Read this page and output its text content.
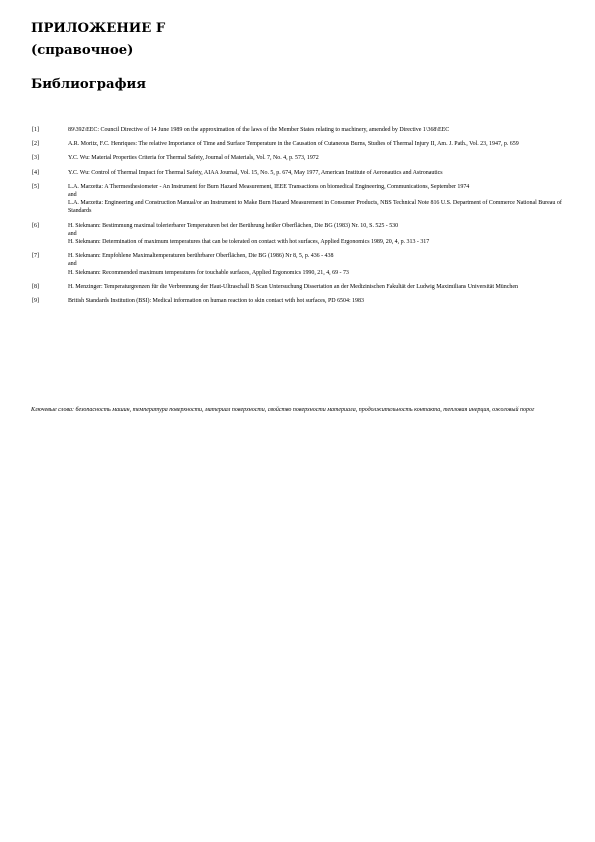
ПРИЛОЖЕНИЕ F
(справочное)
Библиография
[1]	89\392\EEC: Council Directive of 14 June 1989 on the approximation of the laws of the Member States relating to machinery, amended by Directive 1\368\EEC
[2]	A.R. Moritz, F.C. Henriques: The relative Importance of Time and Surface Temperature in the Causation of Cutaneous Burns, Studies of Thermal Injury II, Am. J. Path., Vol. 23, 1947, p. 659
[3]	Y.C. Wu: Material Properties Criteria for Thermal Safety, Journal of Materials, Vol. 7, No. 4, p. 573, 1972
[4]	Y.C. Wu: Control of Thermal Impact for Thermal Safety, AIAA Journal, Vol. 15, No. 5, p. 674, May 1977, American Institute of Aeronautics and Astronautics
[5]	L.A. Marzetta: A Thermesthesiometer - An Instrument for Burn Hazard Measurement, IEEE Transactions on biomedical Engineering, Communications, September 1974
and
L.A. Marzetta: Engineering and Construction Manual/or an Instrument to Make Burn Hazard Measurement in Consumer Products, NBS Technical Note 816 U.S. Department of Commerce National Bureau of Standards
[6]	H. Siekmann: Bestimmung maximal tolerierbarer Temperaturen bei der Berührung heißer Oberflächen, Die BG (1983) Nr. 10, S. 525 - 530
and
H. Siekmann: Determination of maximum temperatures that can be tolerated on contact with hot surfaces, Applied Ergonomics 1989, 20, 4, p. 313 - 317
[7]	H. Siekmann: Empfohlene Maximaltemperaturen berührbarer Oberflächen, Die BG (1986) Nr 8, 5, p. 436 - 438
and
H. Siekmann: Recommended maximum temperatures for touchable surfaces, Applied Ergonomics 1990, 21, 4, 69 - 73
[8]	H. Menzinger: Temperaturgrenzen für die Verbrennung der Haut-Ultraschall B Scan Untersuchung Dissertation an der Medizinischen Fakultät der Ludwig Maximilians Universität München
[9]	British Standards Institution (BSI): Medical information on human reaction to skin contact with hot surfaces, PD 6504: 1983
Ключевые слова: безопасность машин, температура поверхности, материал поверхности, свойство поверхности материала, продолжительность контакта, тепловая инерция, ожоговый порог
